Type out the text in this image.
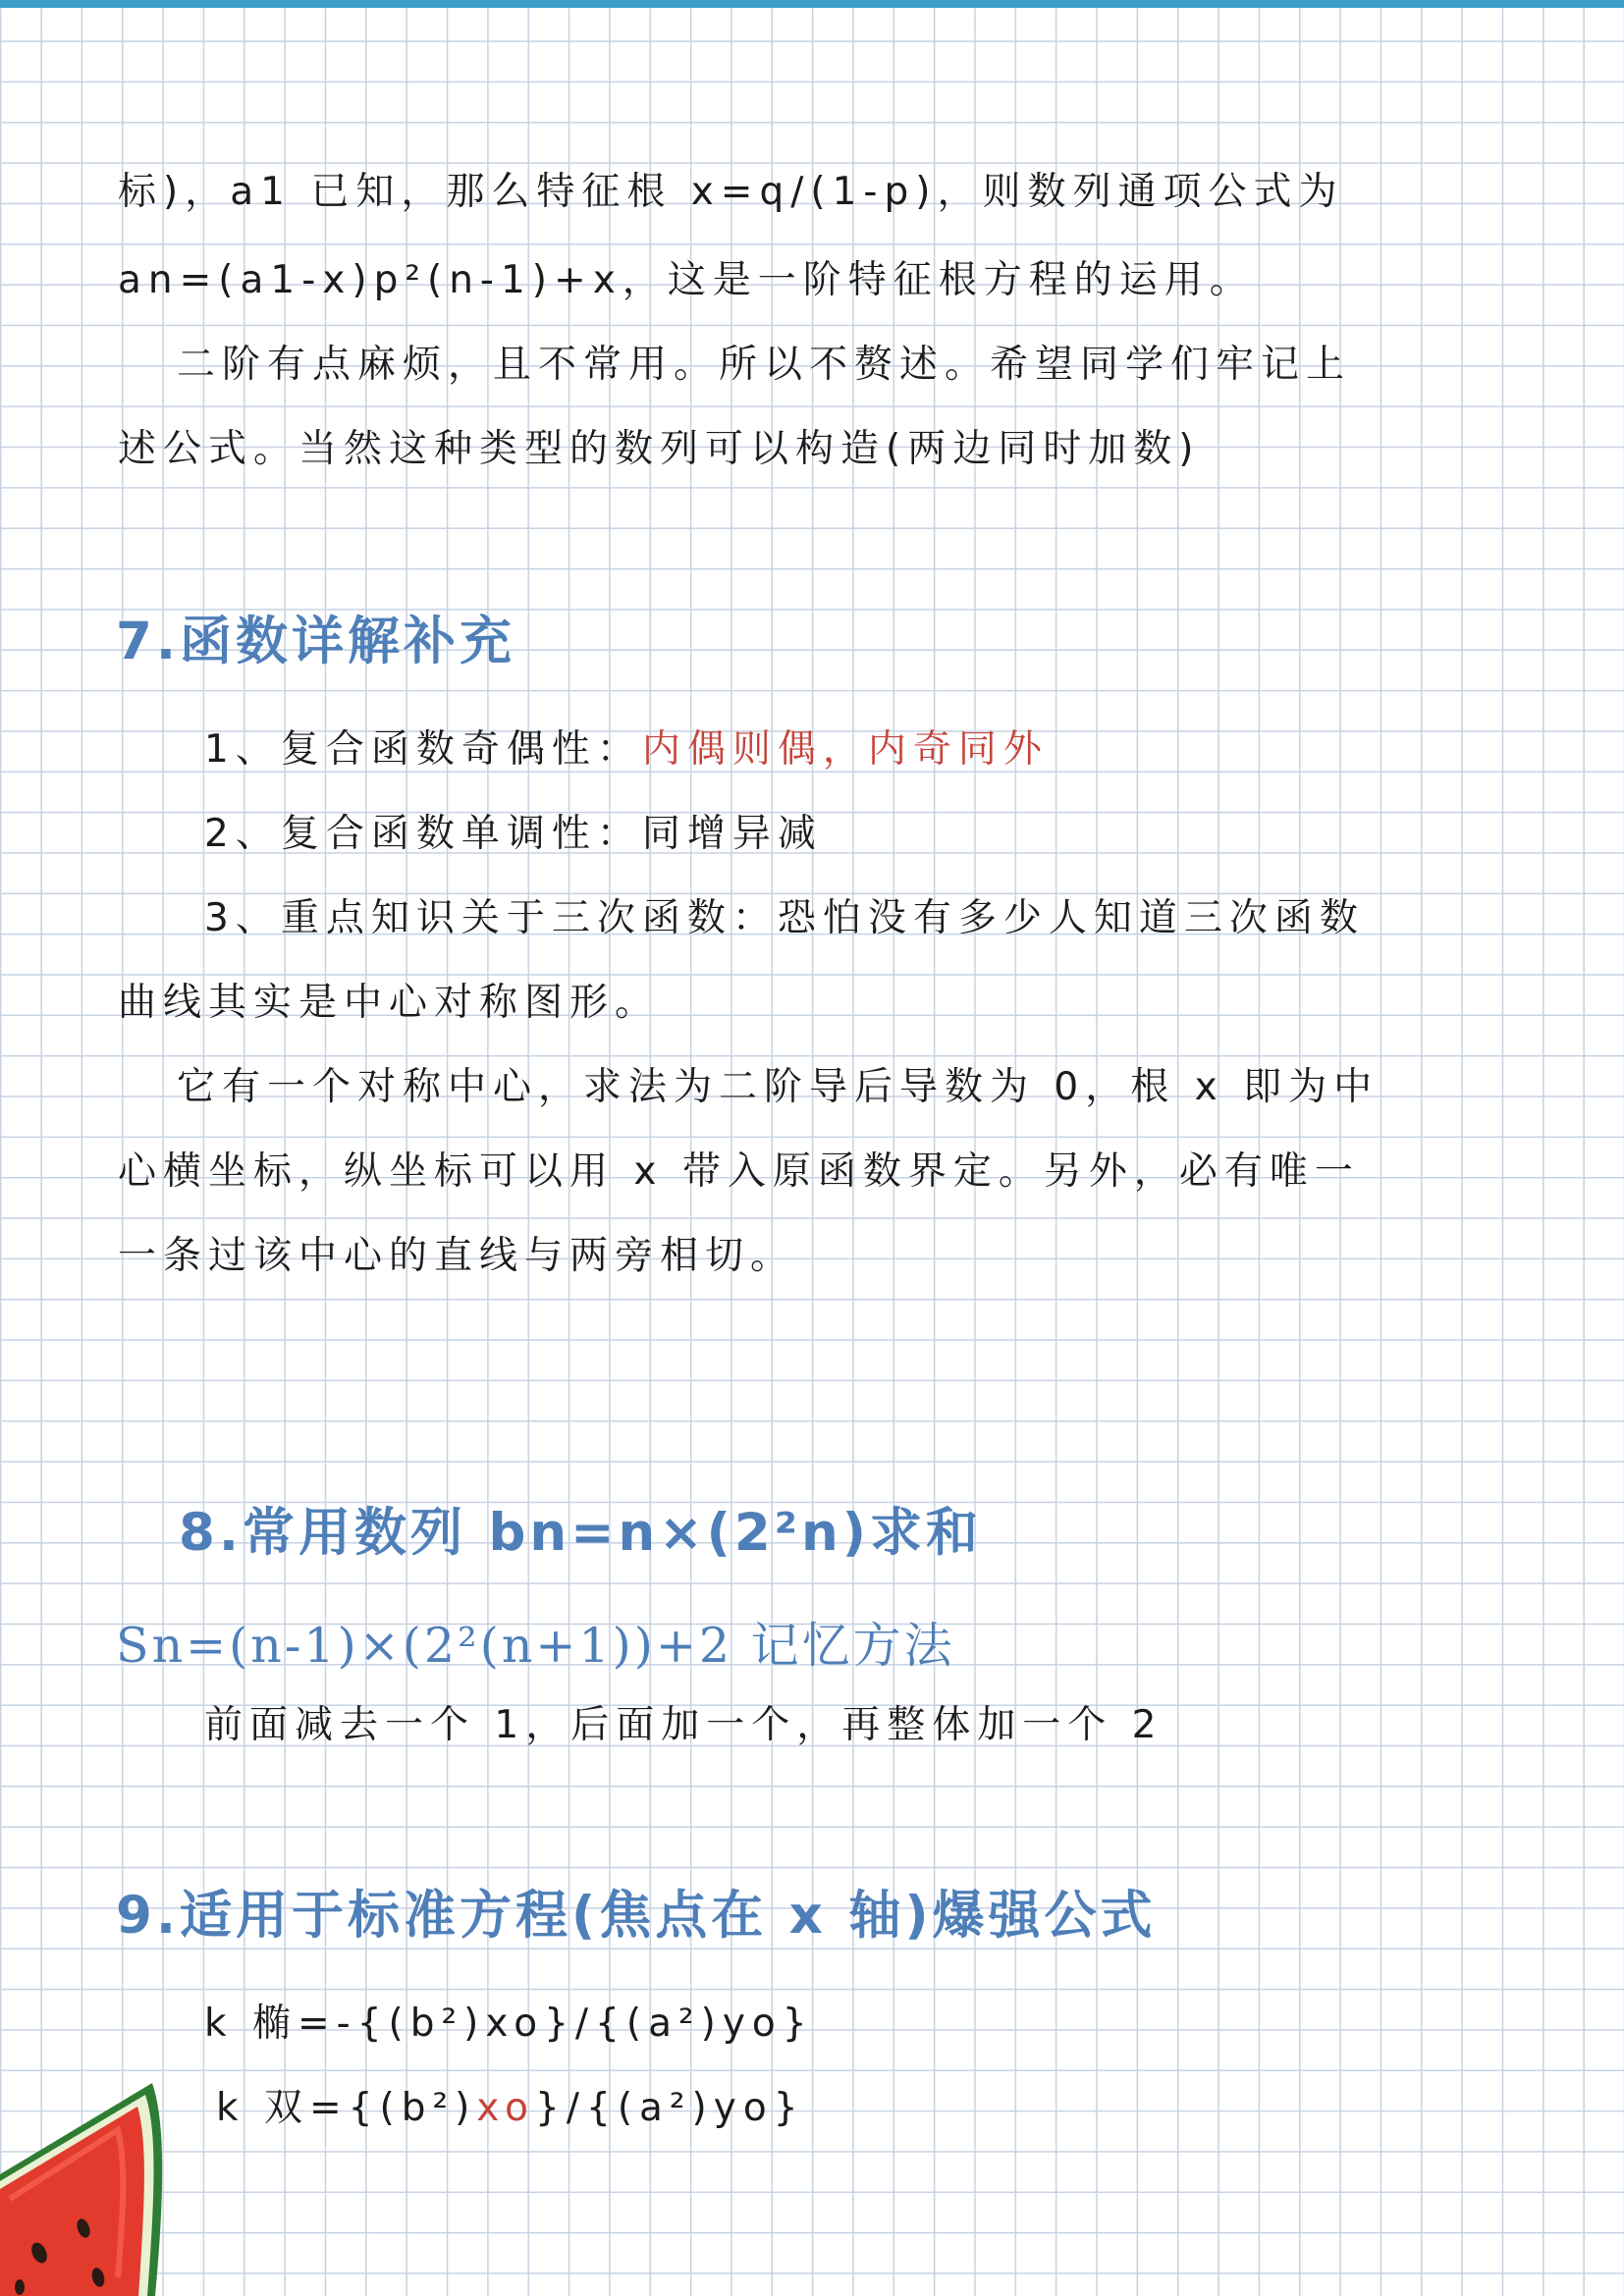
标)，a1 已知，那么特征根 x=q/(1-p)，则数列通项公式为
an=(a1-x)p²(n-1)+x，这是一阶特征根方程的运用。
二阶有点麻烦，且不常用。所以不赘述。希望同学们牢记上
述公式。当然这种类型的数列可以构造(两边同时加数)
7.函数详解补充
1、复合函数奇偶性：内偶则偶，内奇同外
2、复合函数单调性：同增异减
3、重点知识关于三次函数：恐怕没有多少人知道三次函数
曲线其实是中心对称图形。
它有一个对称中心，求法为二阶导后导数为 0，根 x 即为中
心横坐标，纵坐标可以用 x 带入原函数界定。另外，必有唯一
一条过该中心的直线与两旁相切。
8.常用数列 bn=n×(2²n)求和
Sn=(n-1)×(2²(n+1))+2 记忆方法
前面减去一个 1，后面加一个，再整体加一个 2
9.适用于标准方程(焦点在 x 轴)爆强公式
k 椭=-{(b²)xo}/{(a²)yo}
k 双={(b²)xo}/{(a²)yo}
